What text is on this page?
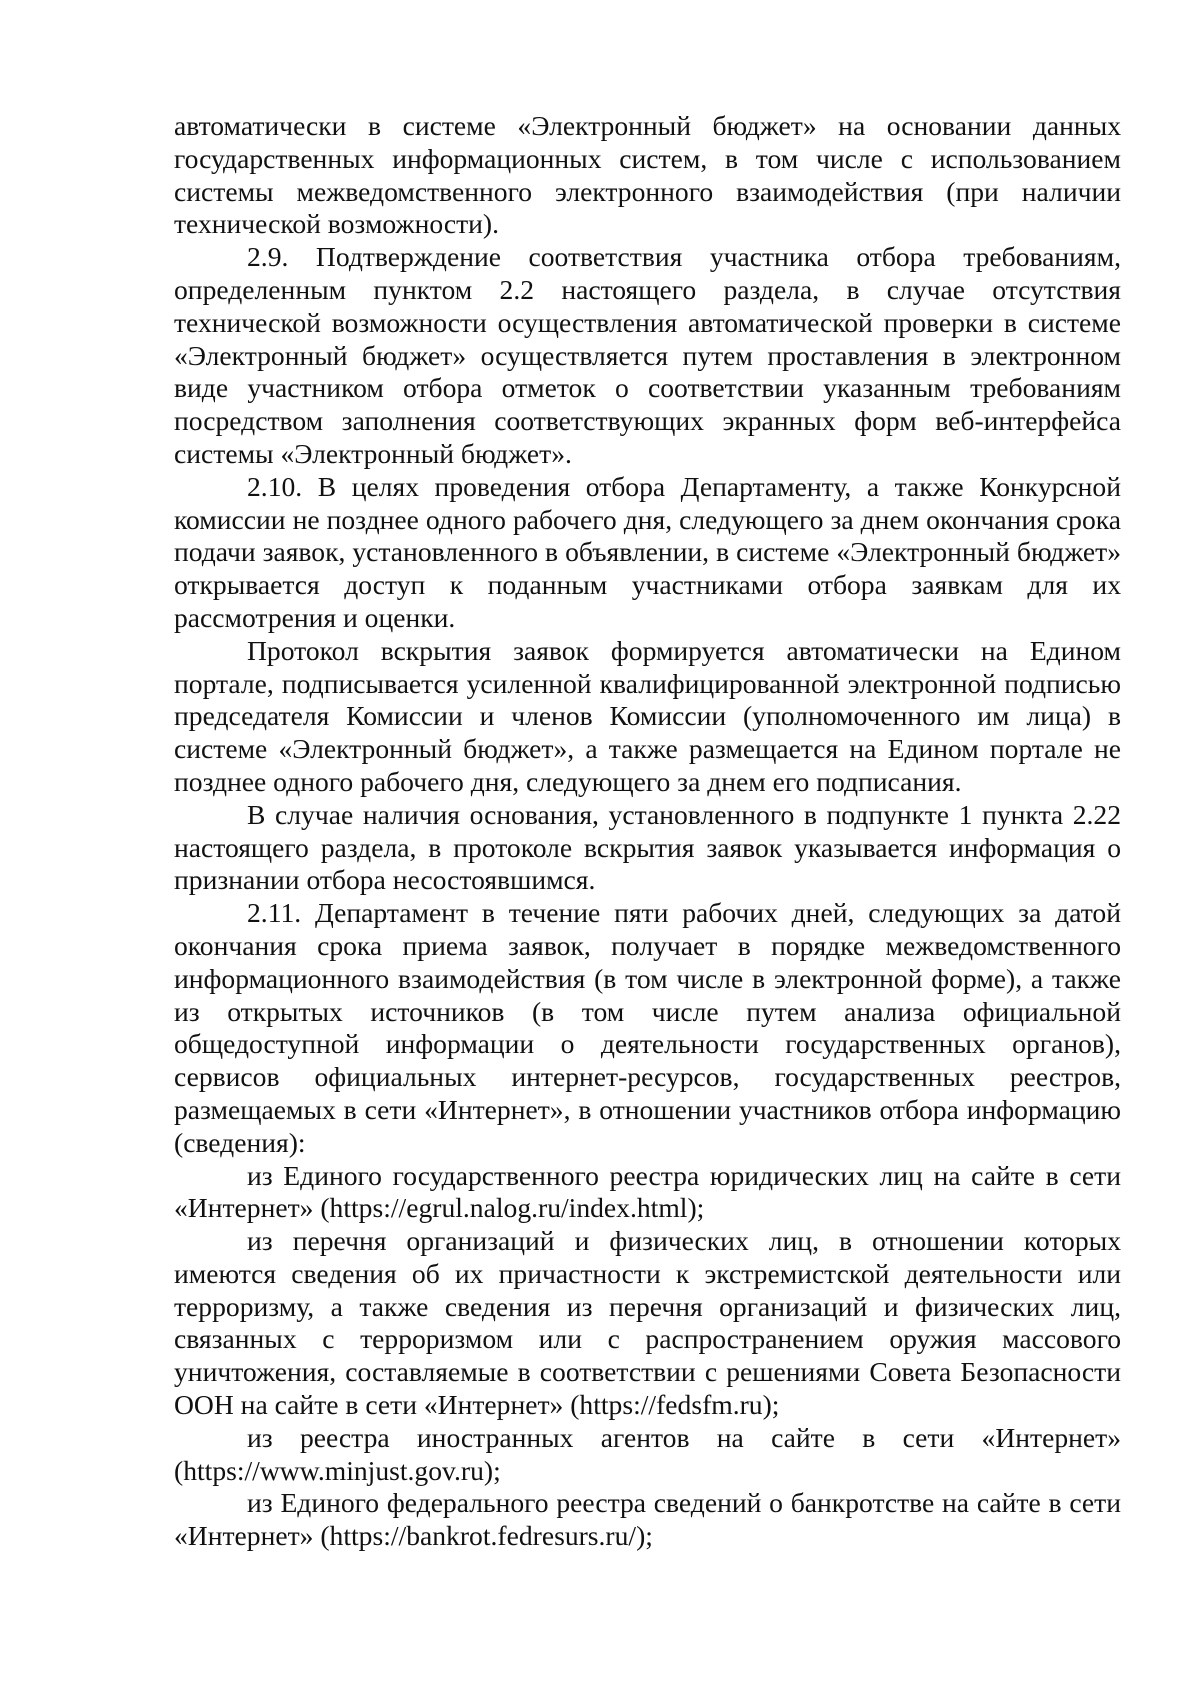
автоматически в системе «Электронный бюджет» на основании данных государственных информационных систем, в том числе с использованием системы межведомственного электронного взаимодействия (при наличии технической возможности).

2.9. Подтверждение соответствия участника отбора требованиям, определенным пунктом 2.2 настоящего раздела, в случае отсутствия технической возможности осуществления автоматической проверки в системе «Электронный бюджет» осуществляется путем проставления в электронном виде участником отбора отметок о соответствии указанным требованиям посредством заполнения соответствующих экранных форм веб-интерфейса системы «Электронный бюджет».

2.10. В целях проведения отбора Департаменту, а также Конкурсной комиссии не позднее одного рабочего дня, следующего за днем окончания срока подачи заявок, установленного в объявлении, в системе «Электронный бюджет» открывается доступ к поданным участниками отбора заявкам для их рассмотрения и оценки.

Протокол вскрытия заявок формируется автоматически на Едином портале, подписывается усиленной квалифицированной электронной подписью председателя Комиссии и членов Комиссии (уполномоченного им лица) в системе «Электронный бюджет», а также размещается на Едином портале не позднее одного рабочего дня, следующего за днем его подписания.

В случае наличия основания, установленного в подпункте 1 пункта 2.22 настоящего раздела, в протоколе вскрытия заявок указывается информация о признании отбора несостоявшимся.

2.11. Департамент в течение пяти рабочих дней, следующих за датой окончания срока приема заявок, получает в порядке межведомственного информационного взаимодействия (в том числе в электронной форме), а также из открытых источников (в том числе путем анализа официальной общедоступной информации о деятельности государственных органов), сервисов официальных интернет-ресурсов, государственных реестров, размещаемых в сети «Интернет», в отношении участников отбора информацию (сведения):

из Единого государственного реестра юридических лиц на сайте в сети «Интернет» (https://egrul.nalog.ru/index.html);

из перечня организаций и физических лиц, в отношении которых имеются сведения об их причастности к экстремистской деятельности или терроризму, а также сведения из перечня организаций и физических лиц, связанных с терроризмом или с распространением оружия массового уничтожения, составляемые в соответствии с решениями Совета Безопасности ООН на сайте в сети «Интернет» (https://fedsfm.ru);

из реестра иностранных агентов на сайте в сети «Интернет» (https://www.minjust.gov.ru);

из Единого федерального реестра сведений о банкротстве на сайте в сети «Интернет» (https://bankrot.fedresurs.ru/);
